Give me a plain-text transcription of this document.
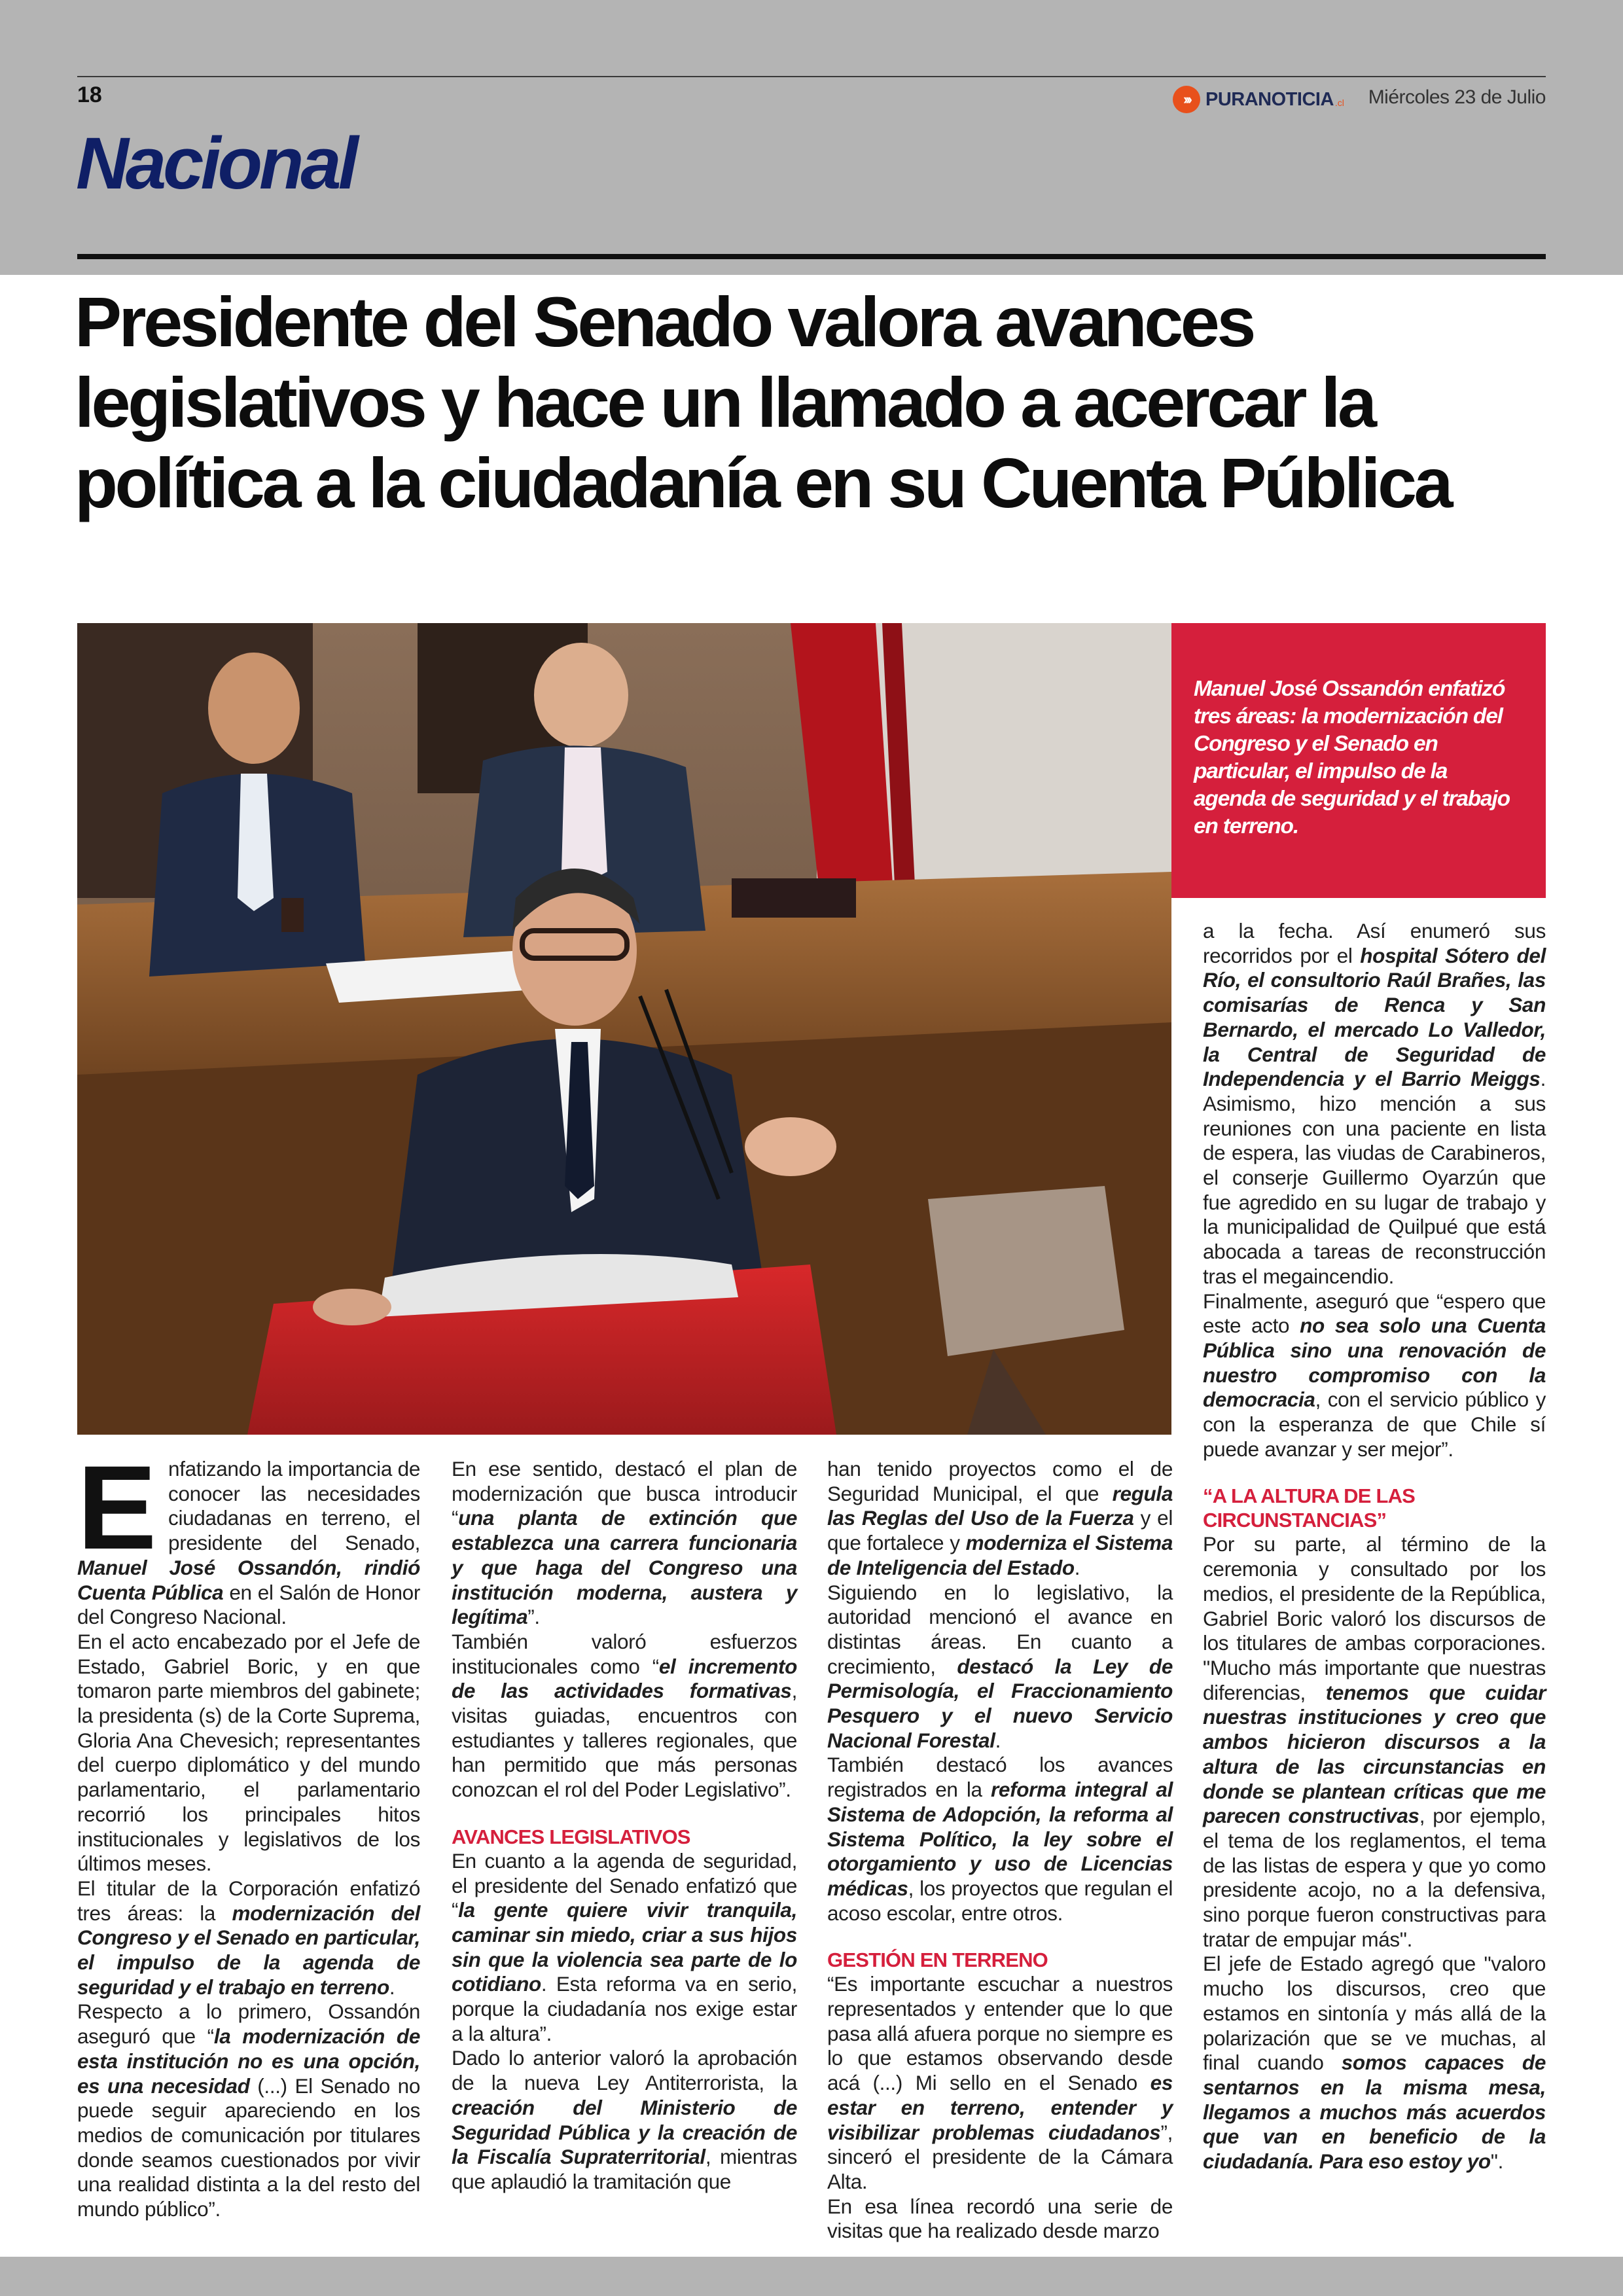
18	››› PURANOTICIA .cl Miércoles 23 de Julio
Nacional
Presidente del Senado valora avances legislativos y hace un llamado a acercar la política a la ciudadanía en su Cuenta Pública
Manuel José Ossandón enfatizó tres áreas: la modernización del Congreso y el Senado en particular, el impulso de la agenda de seguridad y el trabajo en terreno.

Enfatizando la importancia de conocer las necesidades ciudadanas en terreno, el presidente del Senado, Manuel José Ossandón, rindió Cuenta Pública en el Salón de Honor del Congreso Nacional.

En el acto encabezado por el Jefe de Estado, Gabriel Boric, y en que tomaron parte miembros del gabinete; la presidenta (s) de la Corte Suprema, Gloria Ana Chevesich; representantes del cuerpo diplomático y del mundo parlamentario, el parlamentario recorrió los principales hitos institucionales y legislativos de los últimos meses.

El titular de la Corporación enfatizó tres áreas: la modernización del Congreso y el Senado en particular, el impulso de la agenda de seguridad y el trabajo en terreno.

Respecto a lo primero, Ossandón aseguró que “la modernización de esta institución no es una opción, es una necesidad (...) El Senado no puede seguir apareciendo en los medios de comunicación por titulares donde seamos cuestionados por vivir una realidad distinta a la del resto del mundo público”.

En ese sentido, destacó el plan de modernización que busca introducir “una planta de extinción que establezca una carrera funcionaria y que haga del Congreso una institución moderna, austera y legítima”.

También valoró esfuerzos institucionales como “el incremento de las actividades formativas, visitas guiadas, encuentros con estudiantes y talleres regionales, que han permitido que más personas conozcan el rol del Poder Legislativo”.

AVANCES LEGISLATIVOS

En cuanto a la agenda de seguridad, el presidente del Senado enfatizó que “la gente quiere vivir tranquila, caminar sin miedo, criar a sus hijos sin que la violencia sea parte de lo cotidiano. Esta reforma va en serio, porque la ciudadanía nos exige estar a la altura”.

Dado lo anterior valoró la aprobación de la nueva Ley Antiterrorista, la creación del Ministerio de Seguridad Pública y la creación de la Fiscalía Supraterritorial, mientras que aplaudió la tramitación que

han tenido proyectos como el de Seguridad Municipal, el que regula las Reglas del Uso de la Fuerza y el que fortalece y moderniza el Sistema de Inteligencia del Estado.

Siguiendo en lo legislativo, la autoridad mencionó el avance en distintas áreas. En cuanto a crecimiento, destacó la Ley de Permisología, el Fraccionamiento Pesquero y el nuevo Servicio Nacional Forestal.

También destacó los avances registrados en la reforma integral al Sistema de Adopción, la reforma al Sistema Político, la ley sobre el otorgamiento y uso de Licencias médicas, los proyectos que regulan el acoso escolar, entre otros.

GESTIÓN EN TERRENO

“Es importante escuchar a nuestros representados y entender que lo que pasa allá afuera porque no siempre es lo que estamos observando desde acá (...) Mi sello en el Senado es estar en terreno, entender y visibilizar problemas ciudadanos”, sinceró el presidente de la Cámara Alta.

En esa línea recordó una serie de visitas que ha realizado desde marzo

a la fecha. Así enumeró sus recorridos por el hospital Sótero del Río, el consultorio Raúl Brañes, las comisarías de Renca y San Bernardo, el mercado Lo Valledor, la Central de Seguridad de Independencia y el Barrio Meiggs. Asimismo, hizo mención a sus reuniones con una paciente en lista de espera, las viudas de Carabineros, el conserje Guillermo Oyarzún que fue agredido en su lugar de trabajo y la municipalidad de Quilpué que está abocada a tareas de reconstrucción tras el megaincendio.

Finalmente, aseguró que “espero que este acto no sea solo una Cuenta Pública sino una renovación de nuestro compromiso con la democracia, con el servicio público y con la esperanza de que Chile sí puede avanzar y ser mejor”.

“A LA ALTURA DE LAS CIRCUNSTANCIAS”

Por su parte, al término de la ceremonia y consultado por los medios, el presidente de la República, Gabriel Boric valoró los discursos de los titulares de ambas corporaciones. "Mucho más importante que nuestras diferencias, tenemos que cuidar nuestras instituciones y creo que ambos hicieron discursos a la altura de las circunstancias en donde se plantean críticas que me parecen constructivas, por ejemplo, el tema de los reglamentos, el tema de las listas de espera y que yo como presidente acojo, no a la defensiva, sino porque fueron constructivas para tratar de empujar más".

El jefe de Estado agregó que "valoro mucho los discursos, creo que estamos en sintonía y más allá de la polarización que se ve muchas, al final cuando somos capaces de sentarnos en la misma mesa, llegamos a muchos más acuerdos que van en beneficio de la ciudadanía. Para eso estoy yo".
